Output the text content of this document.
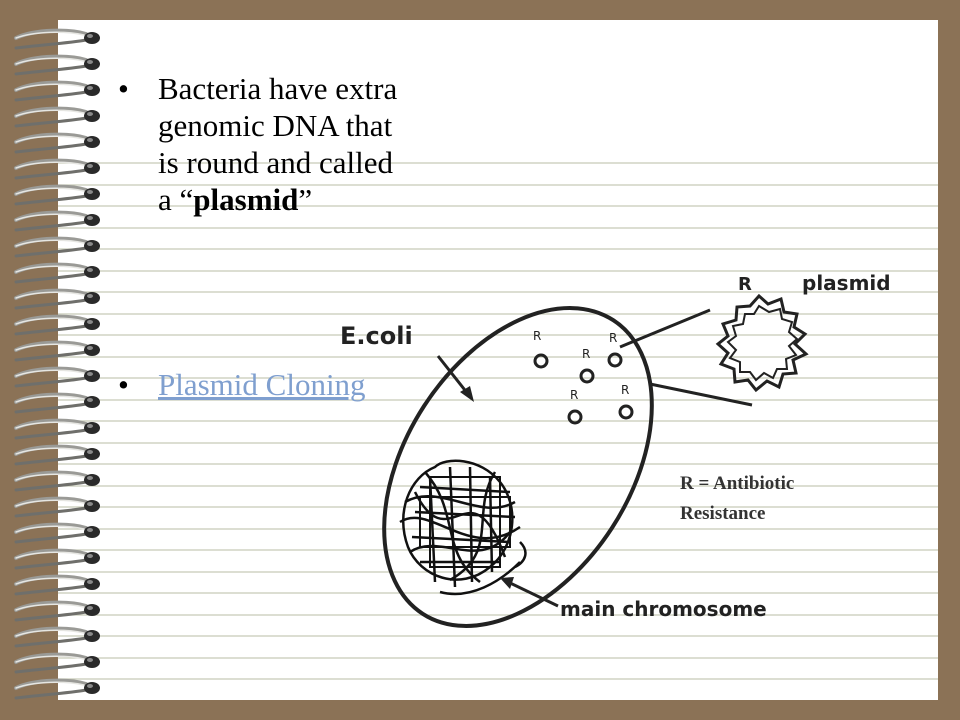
• Bacteria have extra genomic DNA that is round and called a “plasmid”
• Plasmid Cloning
E.coli	R
R
R
R	R
main chromosome
R	plasmid
R = Antibiotic
Resistance
